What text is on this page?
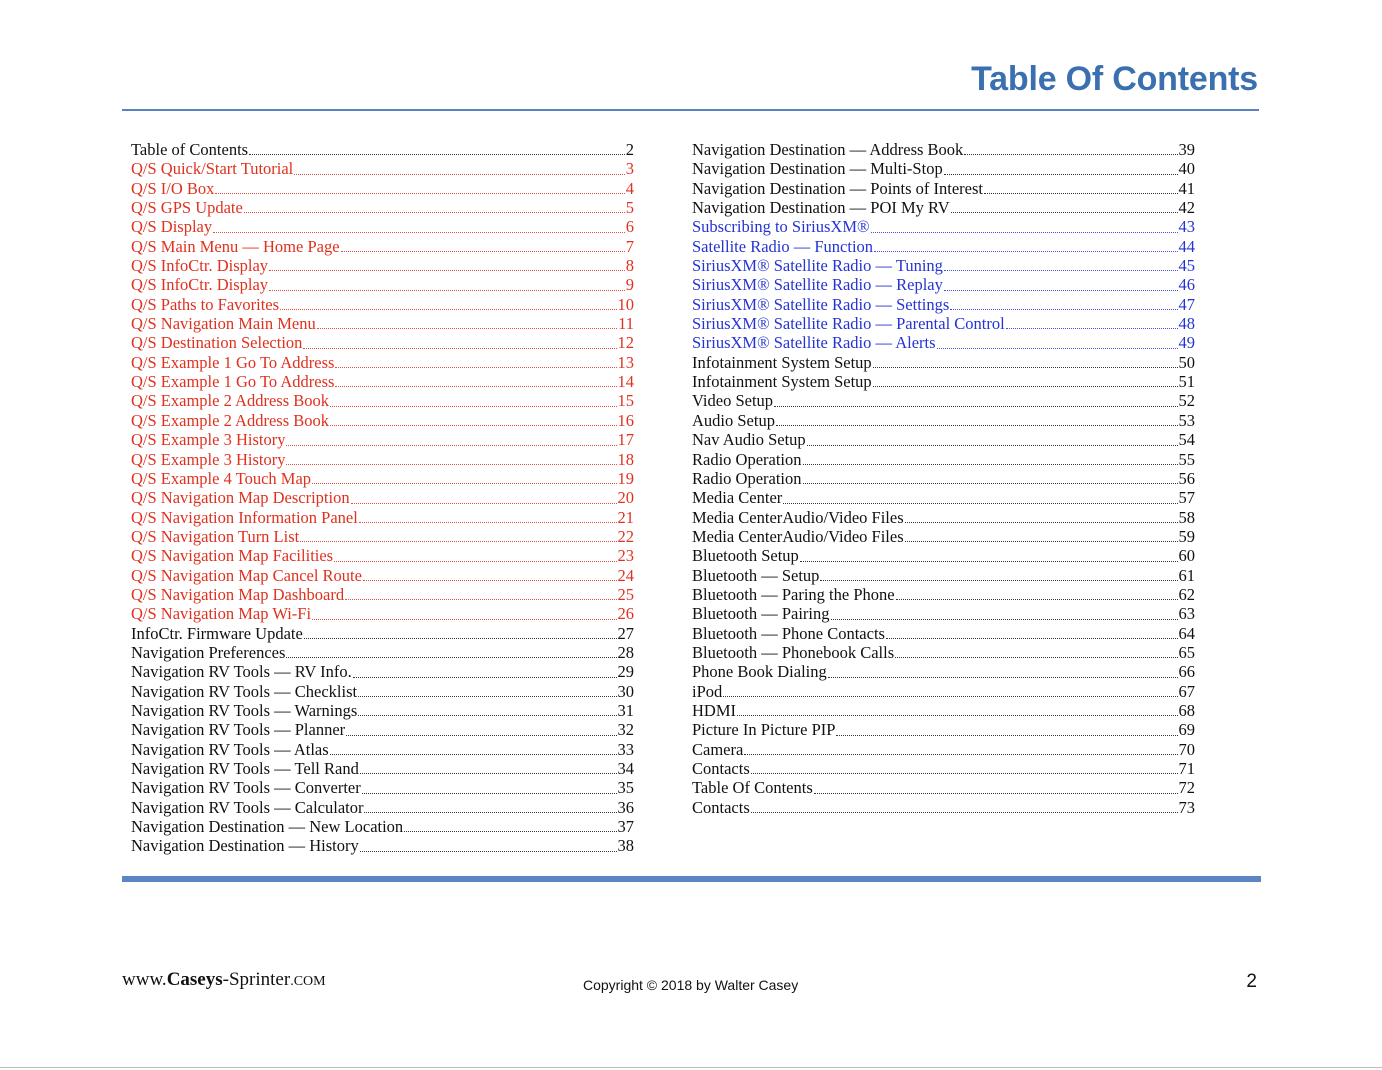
Table Of Contents
Table of Contents	2
Q/S Quick/Start Tutorial	3
Q/S I/O Box	4
Q/S GPS Update	5
Q/S Display	6
Q/S Main Menu — Home Page	7
Q/S InfoCtr. Display	8
Q/S InfoCtr. Display	9
Q/S Paths to Favorites	10
Q/S Navigation Main Menu	11
Q/S Destination Selection	12
Q/S Example 1 Go To Address	13
Q/S Example 1 Go To Address	14
Q/S Example 2 Address Book	15
Q/S Example 2 Address Book	16
Q/S Example 3 History	17
Q/S Example 3 History	18
Q/S Example 4 Touch Map	19
Q/S Navigation Map Description	20
Q/S Navigation Information Panel	21
Q/S Navigation Turn List	22
Q/S Navigation Map Facilities	23
Q/S Navigation Map Cancel Route	24
Q/S Navigation Map Dashboard	25
Q/S Navigation Map Wi-Fi	26
InfoCtr. Firmware Update	27
Navigation Preferences	28
Navigation RV Tools — RV Info.	29
Navigation RV Tools — Checklist	30
Navigation RV Tools — Warnings	31
Navigation RV Tools — Planner	32
Navigation RV Tools — Atlas	33
Navigation RV Tools — Tell Rand	34
Navigation RV Tools — Converter	35
Navigation RV Tools — Calculator	36
Navigation Destination — New Location	37
Navigation Destination — History	38
Navigation Destination — Address Book	39
Navigation Destination — Multi-Stop	40
Navigation Destination — Points of Interest	41
Navigation Destination — POI My RV	42
Subscribing to SiriusXM®	43
Satellite Radio — Function	44
SiriusXM® Satellite Radio — Tuning	45
SiriusXM® Satellite Radio — Replay	46
SiriusXM® Satellite Radio — Settings	47
SiriusXM® Satellite Radio — Parental Control	48
SiriusXM® Satellite Radio — Alerts	49
Infotainment System Setup	50
Infotainment System Setup	51
Video Setup	52
Audio Setup	53
Nav Audio Setup	54
Radio Operation	55
Radio Operation	56
Media Center	57
Media CenterAudio/Video Files	58
Media CenterAudio/Video Files	59
Bluetooth Setup	60
Bluetooth — Setup	61
Bluetooth — Paring the Phone	62
Bluetooth — Pairing	63
Bluetooth — Phone Contacts	64
Bluetooth — Phonebook Calls	65
Phone Book Dialing	66
iPod	67
HDMI	68
Picture In Picture PIP	69
Camera	70
Contacts	71
Table Of Contents	72
Contacts	73
www.Caseys-Sprinter.COM	Copyright © 2018 by Walter Casey	2
